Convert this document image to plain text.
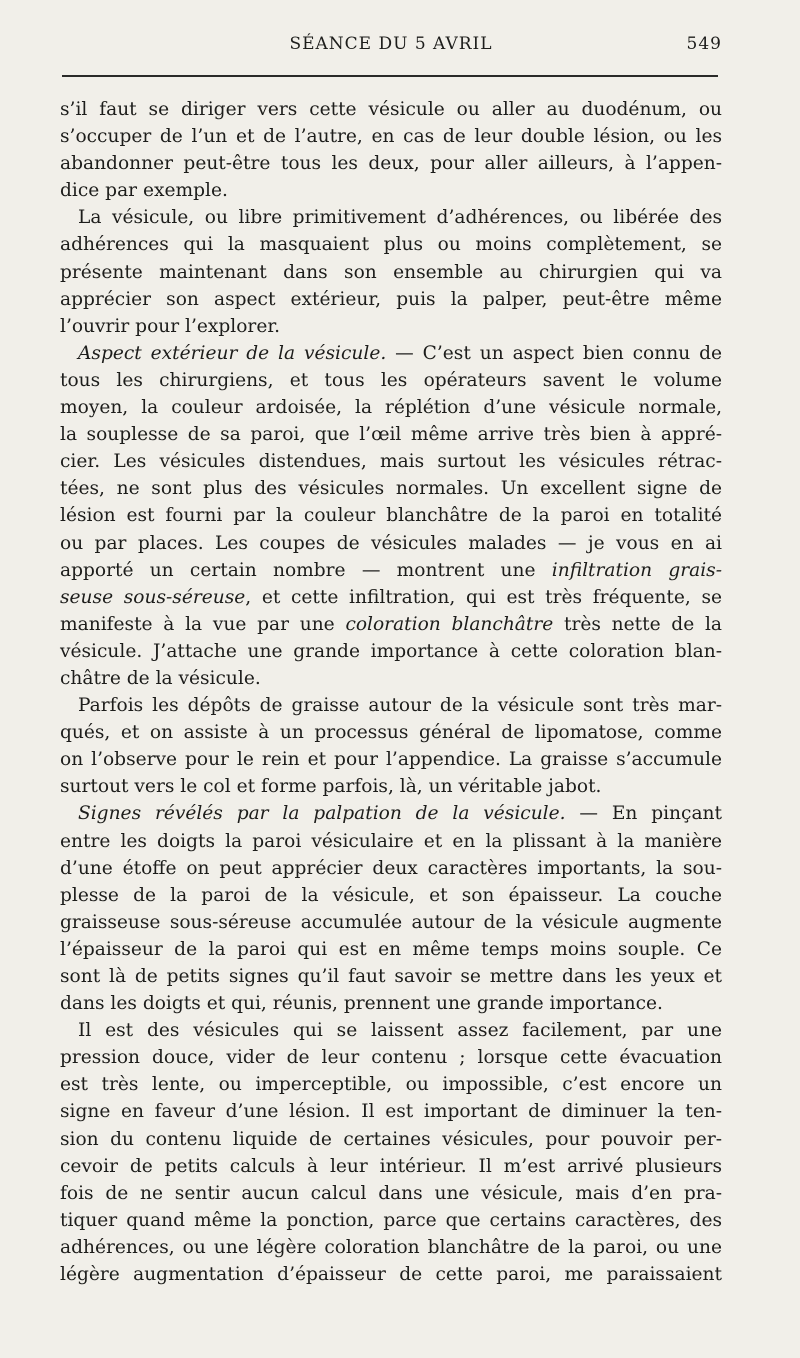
SÉANCE DU 5 AVRIL	549
s’il faut se diriger vers cette vésicule ou aller au duodénum, ou
s’occuper de l’un et de l’autre, en cas de leur double lésion, ou les
abandonner peut-être tous les deux, pour aller ailleurs, à l’appen-
dice par exemple.
La vésicule, ou libre primitivement d’adhérences, ou libérée des
adhérences qui la masquaient plus ou moins complètement, se
présente maintenant dans son ensemble au chirurgien qui va
apprécier son aspect extérieur, puis la palper, peut-être même
l’ouvrir pour l’explorer.
Aspect extérieur de la vésicule. — C’est un aspect bien connu de
tous les chirurgiens, et tous les opérateurs savent le volume
moyen, la couleur ardoisée, la réplétion d’une vésicule normale,
la souplesse de sa paroi, que l’œil même arrive très bien à appré-
cier. Les vésicules distendues, mais surtout les vésicules rétrac-
tées, ne sont plus des vésicules normales. Un excellent signe de
lésion est fourni par la couleur blanchâtre de la paroi en totalité
ou par places. Les coupes de vésicules malades — je vous en ai
apporté un certain nombre — montrent une infiltration grais-
seuse sous-séreuse, et cette infiltration, qui est très fréquente, se
manifeste à la vue par une coloration blanchâtre très nette de la
vésicule. J’attache une grande importance à cette coloration blan-
châtre de la vésicule.
Parfois les dépôts de graisse autour de la vésicule sont très mar-
qués, et on assiste à un processus général de lipomatose, comme
on l’observe pour le rein et pour l’appendice. La graisse s’accumule
surtout vers le col et forme parfois, là, un véritable jabot.
Signes révélés par la palpation de la vésicule. — En pinçant
entre les doigts la paroi vésiculaire et en la plissant à la manière
d’une étoffe on peut apprécier deux caractères importants, la sou-
plesse de la paroi de la vésicule, et son épaisseur. La couche
graisseuse sous-séreuse accumulée autour de la vésicule augmente
l’épaisseur de la paroi qui est en même temps moins souple. Ce
sont là de petits signes qu’il faut savoir se mettre dans les yeux et
dans les doigts et qui, réunis, prennent une grande importance.
Il est des vésicules qui se laissent assez facilement, par une
pression douce, vider de leur contenu ; lorsque cette évacuation
est très lente, ou imperceptible, ou impossible, c’est encore un
signe en faveur d’une lésion. Il est important de diminuer la ten-
sion du contenu liquide de certaines vésicules, pour pouvoir per-
cevoir de petits calculs à leur intérieur. Il m’est arrivé plusieurs
fois de ne sentir aucun calcul dans une vésicule, mais d’en pra-
tiquer quand même la ponction, parce que certains caractères, des
adhérences, ou une légère coloration blanchâtre de la paroi, ou une
légère augmentation d’épaisseur de cette paroi, me paraissaient
